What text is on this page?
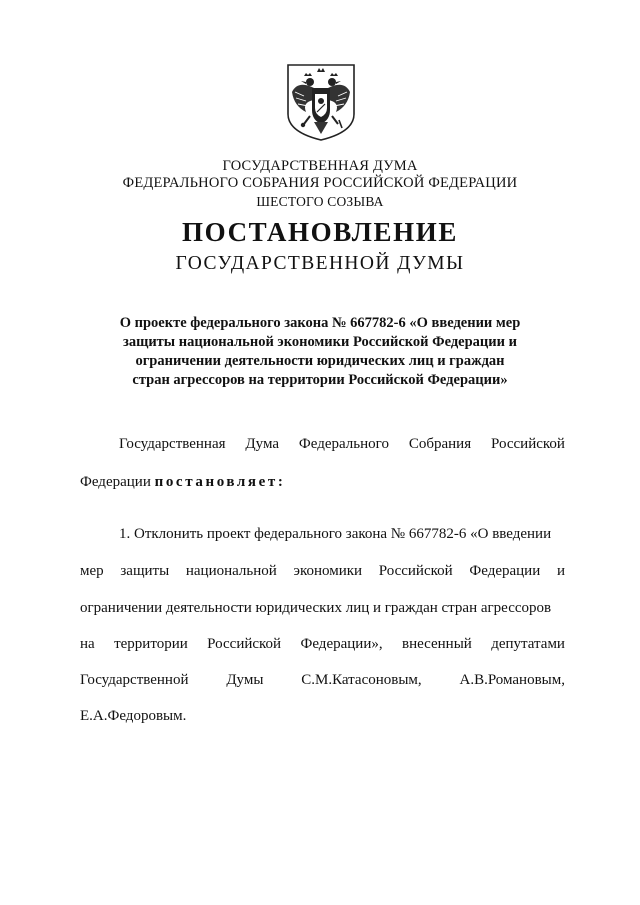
ГОСУДАРСТВЕННАЯ ДУМА
ФЕДЕРАЛЬНОГО СОБРАНИЯ РОССИЙСКОЙ ФЕДЕРАЦИИ
ШЕСТОГО СОЗЫВА
ПОСТАНОВЛЕНИЕ
ГОСУДАРСТВЕННОЙ ДУМЫ
О проекте федерального закона № 667782-6 «О введении мер
защиты национальной экономики Российской Федерации и
ограничении деятельности юридических лиц и граждан
стран агрессоров на территории Российской Федерации»
Государственная Дума Федерального Собрания Российской
Федерации постановляет:
1. Отклонить проект федерального закона № 667782-6 «О введении
мер защиты национальной экономики Российской Федерации и
ограничении деятельности юридических лиц и граждан стран агрессоров
на территории Российской Федерации», внесенный депутатами
Государственной	Думы	С.М.Катасоновым,	А.В.Романовым,
Е.А.Федоровым.
